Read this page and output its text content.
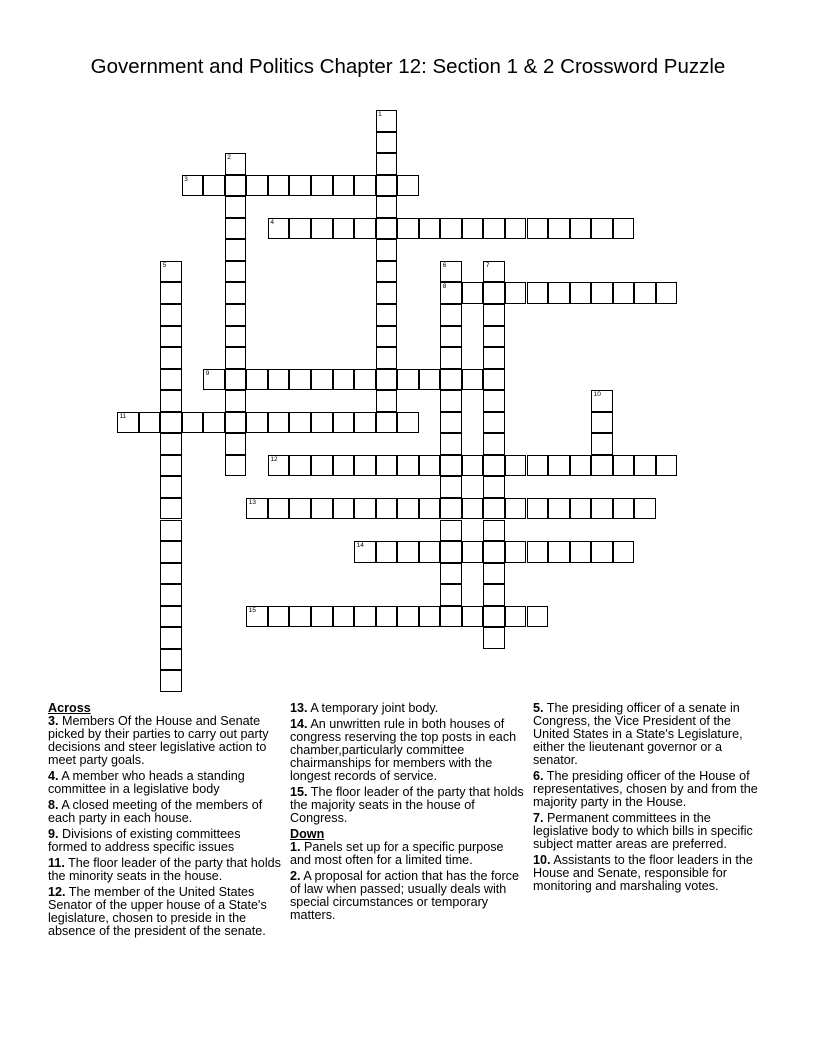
Government and Politics Chapter 12: Section 1 & 2 Crossword Puzzle
1
2
3
4
5	6
8
7
9
10
11
12
13
14
15
Across
3. Members Of the House and Senate picked by their parties to carry out party decisions and steer legislative action to meet party goals.
4. A member who heads a standing committee in a legislative body
8. A closed meeting of the members of each party in each house.
9. Divisions of existing committees formed to address specific issues
11. The floor leader of the party that holds the minority seats in the house.
12. The member of the United States Senator of the upper house of a State's legislature, chosen to preside in the absence of the president of the senate.
13. A temporary joint body.
14. An unwritten rule in both houses of congress reserving the top posts in each chamber,particularly committee chairmanships for members with the longest records of service.
15. The floor leader of the party that holds the majority seats in the house of Congress.
Down
1. Panels set up for a specific purpose and most often for a limited time.
2. A proposal for action that has the force of law when passed; usually deals with special circumstances or temporary matters.
5. The presiding officer of a senate in Congress, the Vice President of the United States in a State's Legislature, either the lieutenant governor or a senator.
6. The presiding officer of the House of representatives, chosen by and from the majority party in the House.
7. Permanent committees in the legislative body to which bills in specific subject matter areas are preferred.
10. Assistants to the floor leaders in the House and Senate, responsible for monitoring and marshaling votes.
